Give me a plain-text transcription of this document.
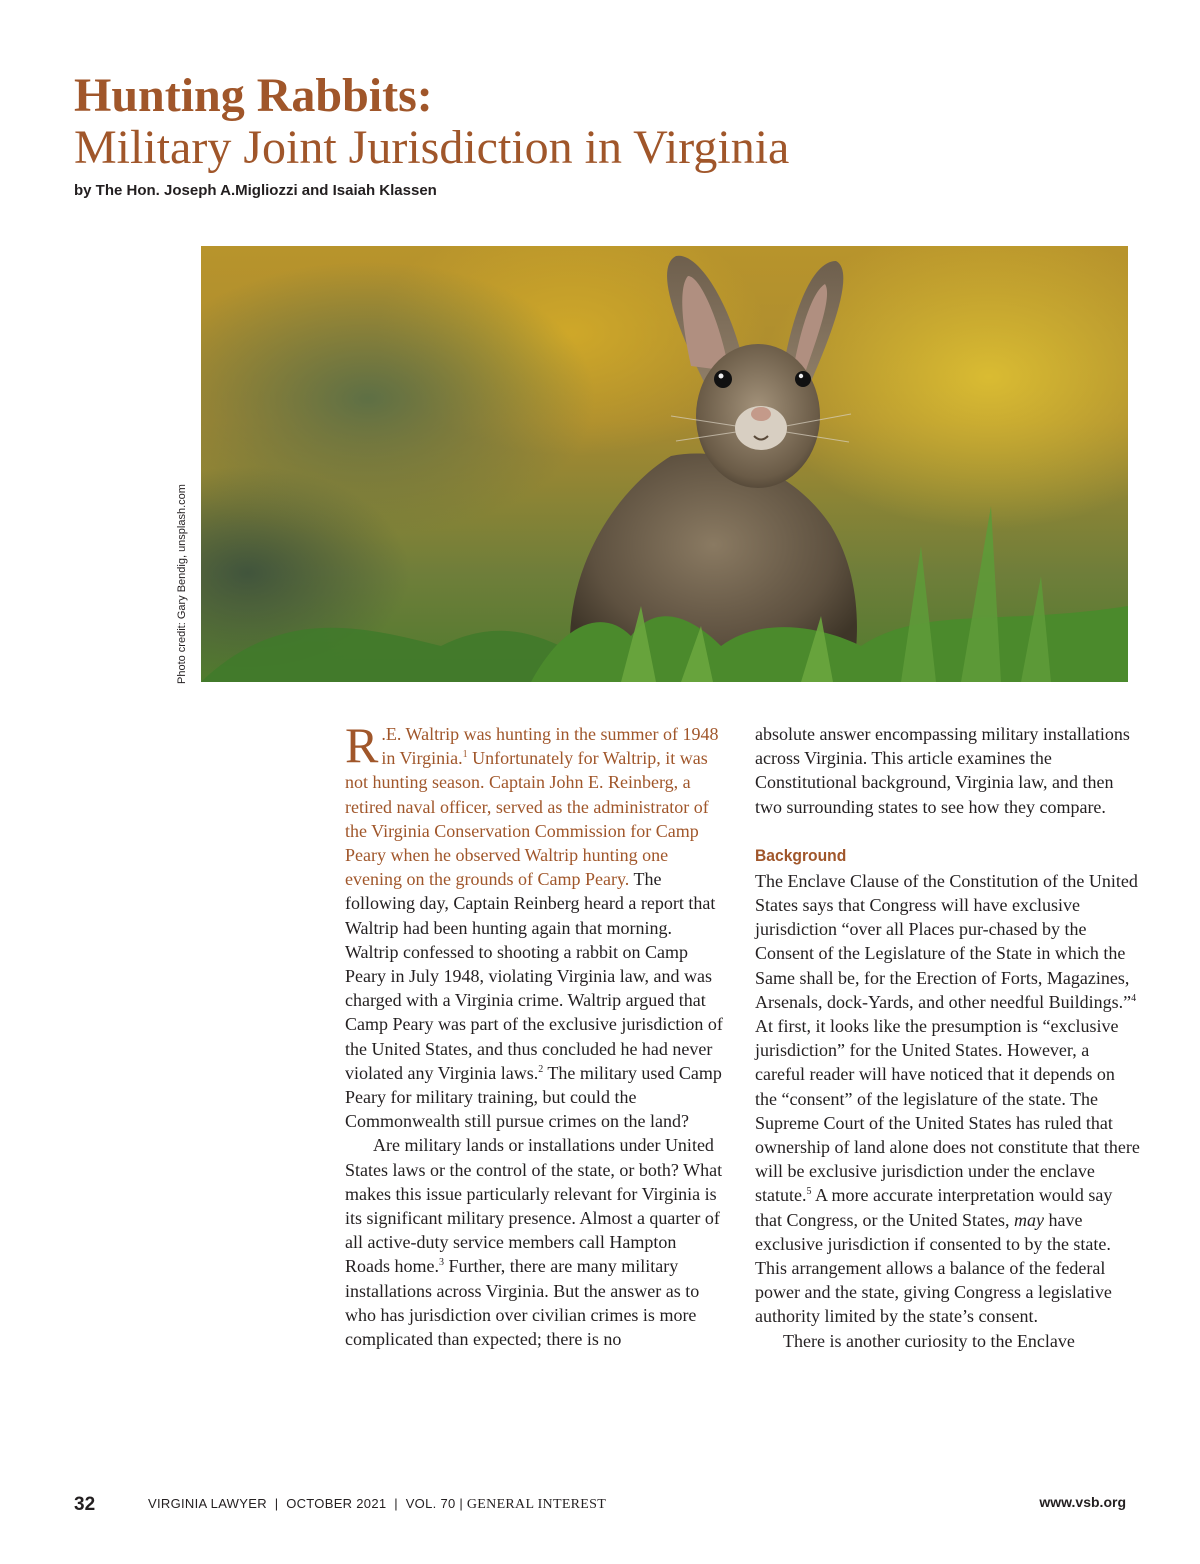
Hunting Rabbits:
Military Joint Jurisdiction in Virginia
by The Hon. Joseph A.Migliozzi and Isaiah Klassen
Photo credit: Gary Bendig, unsplash.com

R .E. Waltrip was hunting in the summer of 1948 in Virginia.$^1$ Unfortunately for Waltrip, it was not hunting season. Captain John E. Reinberg, a retired naval officer, served as the administrator of the Virginia Conservation Commission for Camp Peary when he observed Waltrip hunting one evening on the grounds of Camp Peary. The following day, Captain Reinberg heard a report that Waltrip had been hunting again that morning. Waltrip confessed to shooting a rabbit on Camp Peary in July 1948, violating Virginia law, and was charged with a Virginia crime. Waltrip argued that Camp Peary was part of the exclusive jurisdiction of the United States, and thus concluded he had never violated any Virginia laws.$^2$ The military used Camp Peary for military training, but could the Commonwealth still pursue crimes on the land?

Are military lands or installations under United States laws or the control of the state, or both? What makes this issue particularly relevant for Virginia is its significant military presence. Almost a quarter of all active-duty service members call Hampton Roads home.$^3$ Further, there are many military installations across Virginia. But the answer as to who has jurisdiction over civilian crimes is more complicated than expected; there is no

absolute answer encompassing military installations across Virginia. This article examines the Constitutional background, Virginia law, and then two surrounding states to see how they compare.

Background

The Enclave Clause of the Constitution of the United States says that Congress will have exclusive jurisdiction “over all Places pur-chased by the Consent of the Legislature of the State in which the Same shall be, for the Erection of Forts, Magazines, Arsenals, dock-Yards, and other needful Buildings.”$^4$ At first, it looks like the presumption is “exclusive jurisdiction” for the United States. However, a careful reader will have noticed that it depends on the “consent” of the legislature of the state. The Supreme Court of the United States has ruled that ownership of land alone does not constitute that there will be exclusive jurisdiction under the enclave statute.$^5$ A more accurate interpretation would say that Congress, or the United States, may have exclusive jurisdiction if consented to by the state. This arrangement allows a balance of the federal power and the state, giving Congress a legislative
authority limited by the state’s consent.

There is another curiosity to the Enclave

32	VIRGINIA LAWYER  |  OCTOBER 2021  |  VOL. 70 | GENERAL INTEREST	www.vsb.org
